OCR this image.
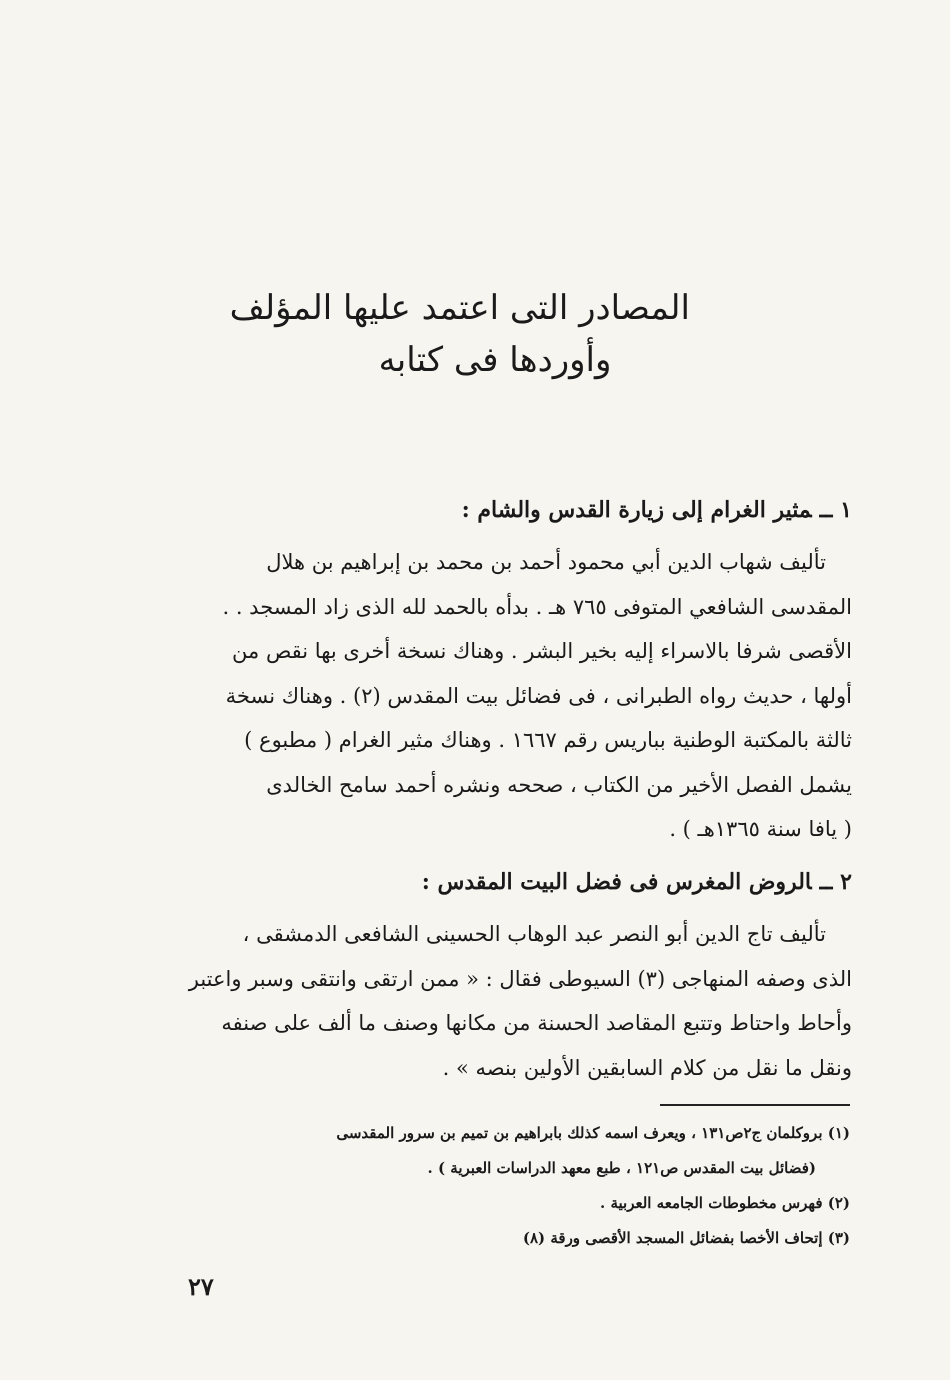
المصادر التى اعتمد عليها المؤلف
وأوردها فى كتابه
١ ــمثير الغرام إلى زيارة القدس والشام :
تأليف شهاب الدين أبي محمود أحمد بن محمد بن إبراهيم بن هلال
المقدسى الشافعي المتوفى ٧٦٥ هـ . بدأه بالحمد لله الذى زاد المسجد . .
الأقصى شرفا بالاسراء إليه بخير البشر . وهناك نسخة أخرى بها نقص من
أولها ، حديث رواه الطبرانى ، فى فضائل بيت المقدس (٢) . وهناك نسخة
ثالثة بالمكتبة الوطنية بباريس رقم ١٦٦٧ . وهناك مثير الغرام ( مطبوع )
يشمل الفصل الأخير من الكتاب ، صححه ونشره أحمد سامح الخالدى
( يافا سنة ١٣٦٥هـ ) .
٢ ــالروض المغرس فى فضل البيت المقدس :
تأليف تاج الدين أبو النصر عبد الوهاب الحسينى الشافعى الدمشقى ،
الذى وصفه المنهاجى (٣) السيوطى فقال : « ممن ارتقى وانتقى وسبر واعتبر
وأحاط واحتاط وتتبع المقاصد الحسنة من مكانها وصنف ما ألف على صنفه
ونقل ما نقل من كلام السابقين الأولين بنصه » .
(١) بروكلمان ج٢ص١٣١ ، ويعرف اسمه كذلك بابراهيم بن تميم بن سرور المقدسى
(فضائل بيت المقدس ص١٢١ ، طبع معهد الدراسات العبرية ) .
(٢) فهرس مخطوطات الجامعه العربية .
(٣) إتحاف الأخصا بفضائل المسجد الأقصى ورقة (٨)
٢٧
